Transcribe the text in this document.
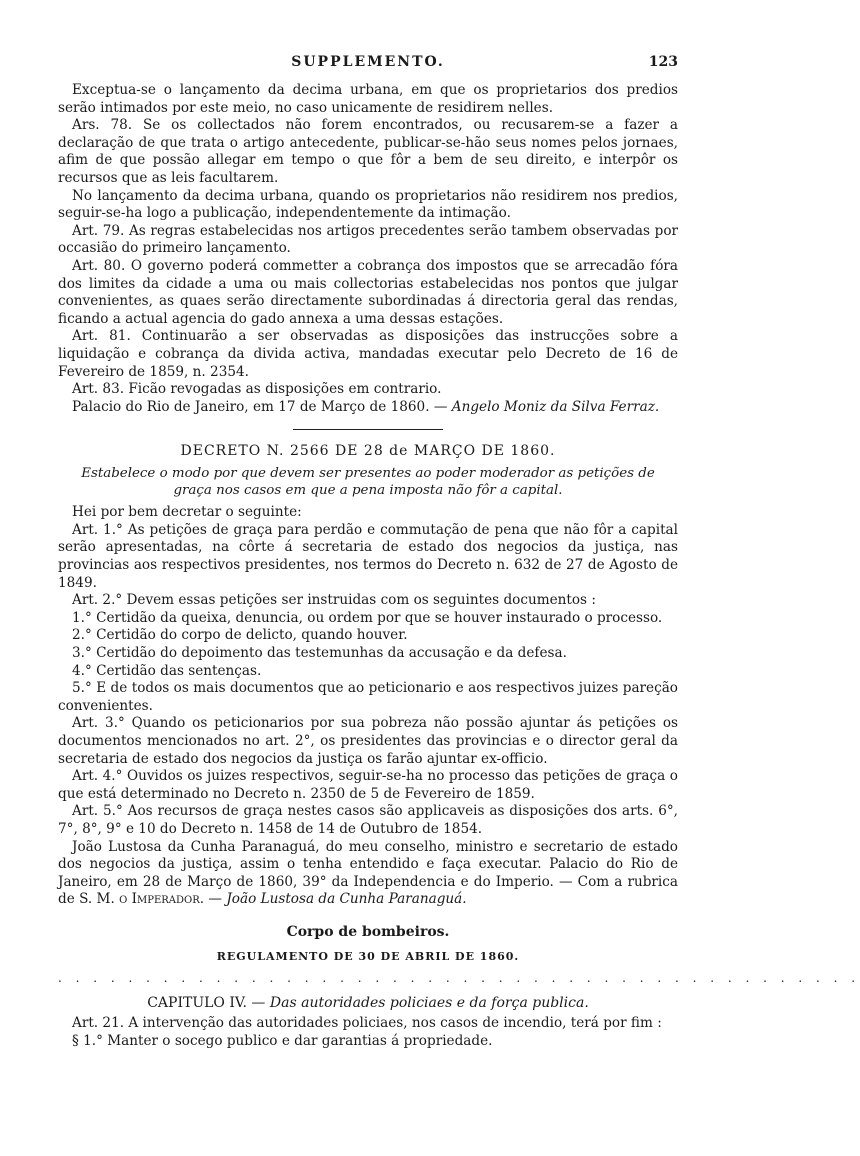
SUPPLEMENTO.	123

Exceptua-se o lançamento da decima urbana, em que os proprietarios dos predios serão intimados por este meio, no caso unicamente de residirem nelles.

Ars. 78. Se os collectados não forem encontrados, ou recusarem-se a fazer a declaração de que trata o artigo antecedente, publicar-se-hão seus nomes pelos jornaes, afim de que possão allegar em tempo o que fôr a bem de seu direito, e interpôr os recursos que as leis facultarem.

No lançamento da decima urbana, quando os proprietarios não residirem nos predios, seguir-se-ha logo a publicação, independentemente da intimação.

Art. 79. As regras estabelecidas nos artigos precedentes serão tambem observadas por occasião do primeiro lançamento.

Art. 80. O governo poderá commetter a cobrança dos impostos que se arrecadão fóra dos limites da cidade a uma ou mais collectorias estabelecidas nos pontos que julgar convenientes, as quaes serão directamente subordinadas á directoria geral das rendas, ficando a actual agencia do gado annexa a uma dessas estações.

Art. 81. Continuarão a ser observadas as disposições das instrucções sobre a liquidação e cobrança da divida activa, mandadas executar pelo Decreto de 16 de Fevereiro de 1859, n. 2354.

Art. 83. Ficão revogadas as disposições em contrario.

Palacio do Rio de Janeiro, em 17 de Março de 1860. — Angelo Moniz da Silva Ferraz.

DECRETO N. 2566 DE 28 de MARÇO DE 1860.
Estabelece o modo por que devem ser presentes ao poder moderador as petições de graça nos casos em que a pena imposta não fôr a capital.

Hei por bem decretar o seguinte:

Art. 1.° As petições de graça para perdão e commutação de pena que não fôr a capital serão apresentadas, na côrte á secretaria de estado dos negocios da justiça, nas provincias aos respectivos presidentes, nos termos do Decreto n. 632 de 27 de Agosto de 1849.

Art. 2.° Devem essas petições ser instruidas com os seguintes documentos :

1.° Certidão da queixa, denuncia, ou ordem por que se houver instaurado o processo.

2.° Certidão do corpo de delicto, quando houver.

3.° Certidão do depoimento das testemunhas da accusação e da defesa.

4.° Certidão das sentenças.

5.° E de todos os mais documentos que ao peticionario e aos respectivos juizes pareção convenientes.

Art. 3.° Quando os peticionarios por sua pobreza não possão ajuntar ás petições os documentos mencionados no art. 2°, os presidentes das provincias e o director geral da secretaria de estado dos negocios da justiça os farão ajuntar ex-officio.

Art. 4.° Ouvidos os juizes respectivos, seguir-se-ha no processo das petições de graça o que está determinado no Decreto n. 2350 de 5 de Fevereiro de 1859.

Art. 5.° Aos recursos de graça nestes casos são applicaveis as disposições dos arts. 6°, 7°, 8°, 9° e 10 do Decreto n. 1458 de 14 de Outubro de 1854.

João Lustosa da Cunha Paranaguá, do meu conselho, ministro e secretario de estado dos negocios da justiça, assim o tenha entendido e faça executar. Palacio do Rio de Janeiro, em 28 de Março de 1860, 39° da Independencia e do Imperio. — Com a rubrica de S. M. o Imperador. — João Lustosa da Cunha Paranaguá.

Corpo de bombeiros.
REGULAMENTO DE 30 DE ABRIL DE 1860.
. . . . . . . . . . . . . . . . . . . . . . . . . . . . . . . . . . . . . . . . . . . . . .
CAPITULO IV. — Das autoridades policiaes e da força publica.

Art. 21. A intervenção das autoridades policiaes, nos casos de incendio, terá por fim :

§ 1.° Manter o socego publico e dar garantias á propriedade.
